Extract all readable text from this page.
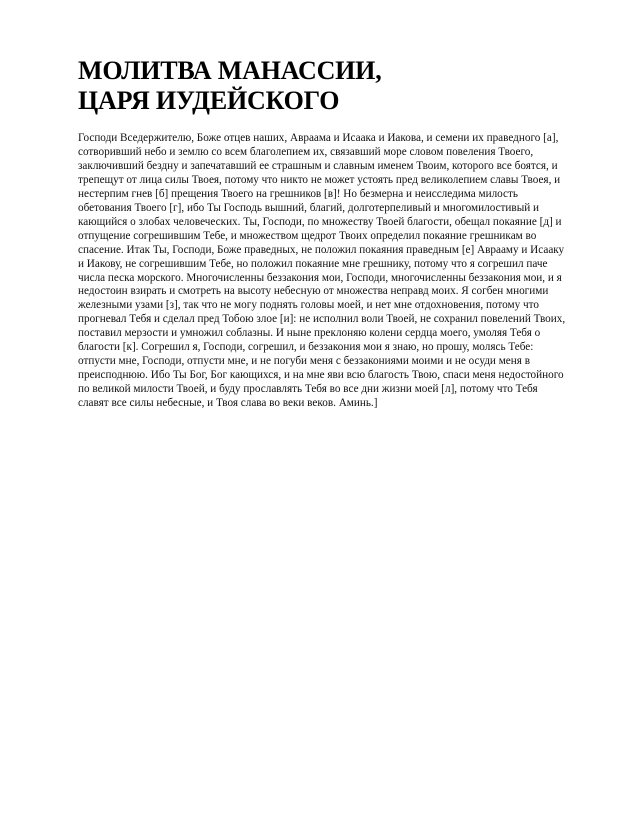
МОЛИТВА МАНАССИИ,
ЦАРЯ ИУДЕЙСКОГО

Господи Вседержителю, Боже отцев наших, Авраама и Исаака и Иакова, и семени их праведного [а], сотворивший небо и землю со всем благолепием их, связавший море словом повеления Твоего, заключивший бездну и запечатавший ее страшным и славным именем Твоим, которого все боятся, и трепещут от лица силы Твоея, потому что никто не может устоять пред великолепием славы Твоея, и нестерпим гнев [б] прещения Твоего на грешников [в]! Но безмерна и неисследима милость обетования Твоего [г], ибо Ты Господь вышний, благий, долготерпеливый и многомилостивый и кающийся о злобах человеческих. Ты, Господи, по множеству Твоей благости, обещал покаяние [д] и отпущение согрешившим Тебе, и множеством щедрот Твоих определил покаяние грешникам во спасение. Итак Ты, Господи, Боже праведных, не положил покаяния праведным [е] Аврааму и Исааку и Иакову, не согрешившим Тебе, но положил покаяние мне грешнику, потому что я согрешил паче числа песка морского. Многочисленны беззакония мои, Господи, многочисленны беззакония мои, и я недостоин взирать и смотреть на высоту небесную от множества неправд моих. Я согбен многими железными узами [з], так что не могу поднять головы моей, и нет мне отдохновения, потому что прогневал Тебя и сделал пред Тобою злое [и]: не исполнил воли Твоей, не сохранил повелений Твоих, поставил мерзости и умножил соблазны. И ныне преклоняю колени сердца моего, умоляя Тебя о благости [к]. Согрешил я, Господи, согрешил, и беззакония мои я знаю, но прошу, молясь Тебе: отпусти мне, Господи, отпусти мне, и не погуби меня с беззакониями моими и не осуди меня в преисподнюю. Ибо Ты Бог, Бог кающихся, и на мне яви всю благость Твою, спаси меня недостойного по великой милости Твоей, и буду прославлять Тебя во все дни жизни моей [л], потому что Тебя славят все силы небесные, и Твоя слава во веки веков. Аминь.]
